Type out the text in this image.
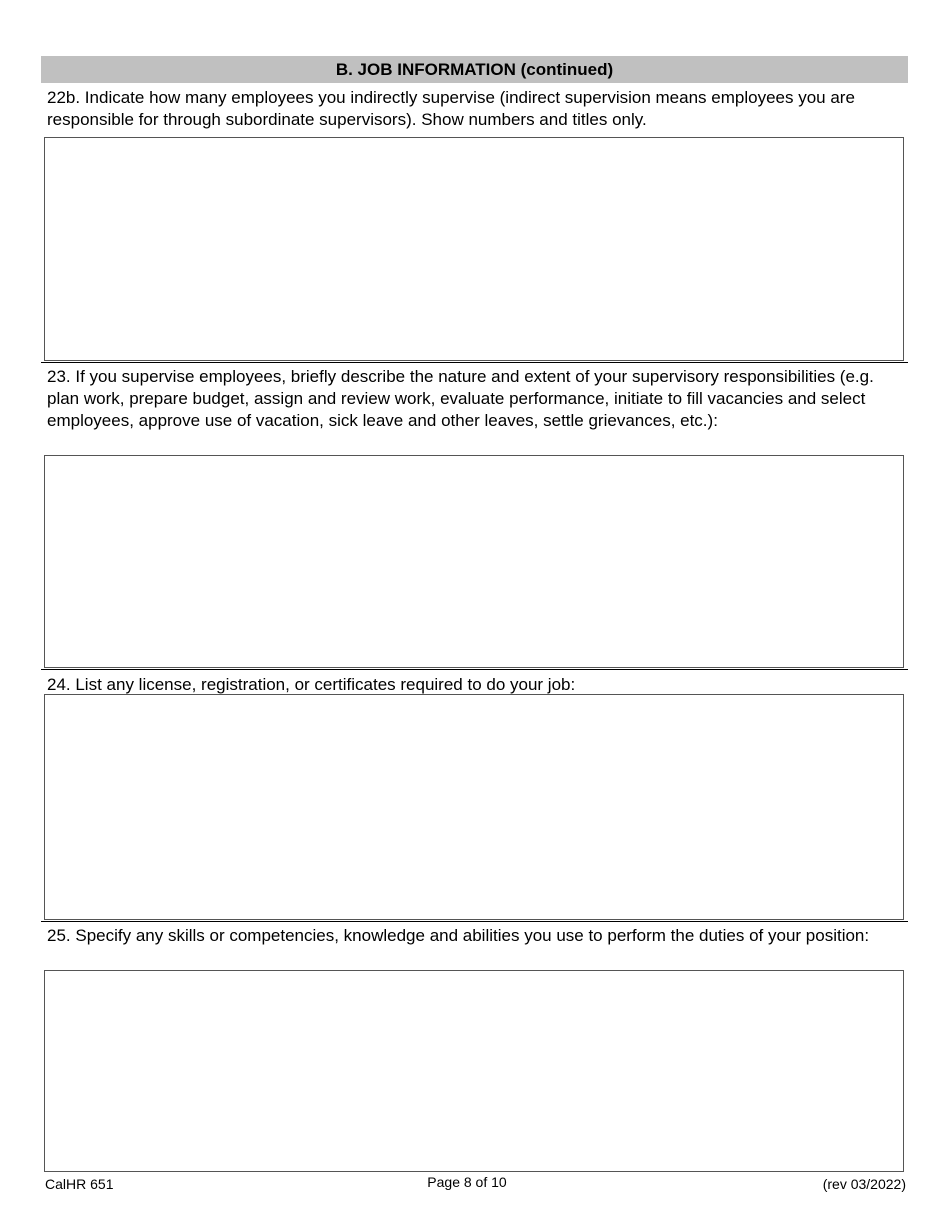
B. JOB INFORMATION (continued)
22b. Indicate how many employees you indirectly supervise (indirect supervision means employees you are responsible for through subordinate supervisors). Show numbers and titles only.
23. If you supervise employees, briefly describe the nature and extent of your supervisory responsibilities (e.g. plan work, prepare budget, assign and review work, evaluate performance, initiate to fill vacancies and select employees, approve use of vacation, sick leave and other leaves, settle grievances, etc.):
24. List any license, registration, or certificates required to do your job:
25. Specify any skills or competencies, knowledge and abilities you use to perform the duties of your position:
CalHR 651	Page 8 of 10	(rev 03/2022)
